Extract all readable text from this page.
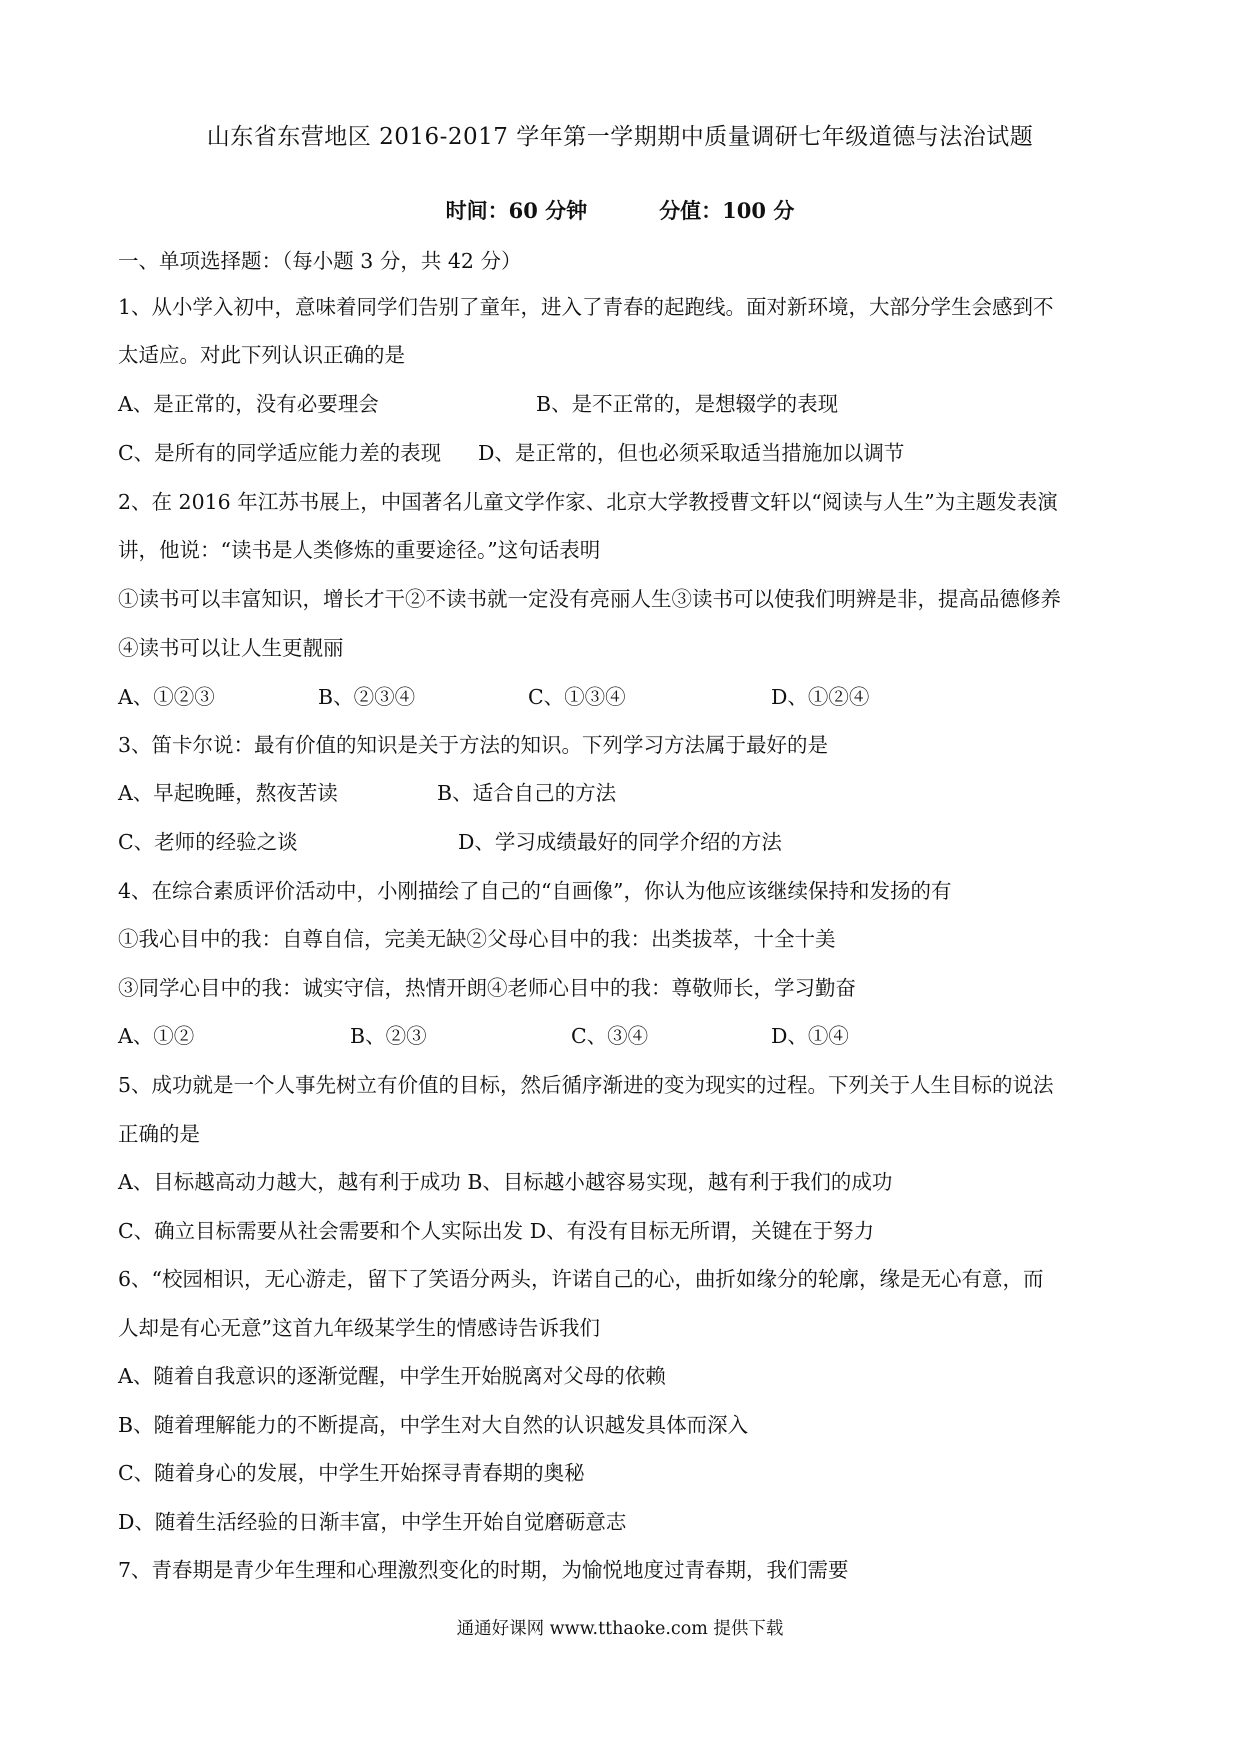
山东省东营地区 2016-2017 学年第一学期期中质量调研七年级道德与法治试题
时间：60 分钟	分值：100 分
一、单项选择题：（每小题 3 分，共 42 分）
1、从小学入初中，意味着同学们告别了童年，进入了青春的起跑线。面对新环境，大部分学生会感到不
太适应。对此下列认识正确的是
A、是正常的，没有必要理会	B、是不正常的，是想辍学的表现
C、是所有的同学适应能力差的表现 D、是正常的，但也必须采取适当措施加以调节
2、在 2016 年江苏书展上，中国著名儿童文学作家、北京大学教授曹文轩以“阅读与人生”为主题发表演
讲，他说：“读书是人类修炼的重要途径。”这句话表明
①读书可以丰富知识，增长才干②不读书就一定没有亮丽人生③读书可以使我们明辨是非，提高品德修养
④读书可以让人生更靓丽
A、①②③	B、②③④	C、①③④	D、①②④
3、笛卡尔说：最有价值的知识是关于方法的知识。下列学习方法属于最好的是
A、早起晚睡，熬夜苦读	B、适合自己的方法
C、老师的经验之谈	D、学习成绩最好的同学介绍的方法
4、在综合素质评价活动中，小刚描绘了自己的“自画像”，你认为他应该继续保持和发扬的有
①我心目中的我：自尊自信，完美无缺②父母心目中的我：出类拔萃，十全十美
③同学心目中的我：诚实守信，热情开朗④老师心目中的我：尊敬师长，学习勤奋
A、①②	B、②③	C、③④	D、①④
5、成功就是一个人事先树立有价值的目标，然后循序渐进的变为现实的过程。下列关于人生目标的说法
正确的是
A、目标越高动力越大，越有利于成功 B、目标越小越容易实现，越有利于我们的成功
C、确立目标需要从社会需要和个人实际出发 D、有没有目标无所谓，关键在于努力
6、“校园相识，无心游走，留下了笑语分两头，许诺自己的心，曲折如缘分的轮廓，缘是无心有意，而
人却是有心无意”这首九年级某学生的情感诗告诉我们
A、随着自我意识的逐渐觉醒，中学生开始脱离对父母的依赖
B、随着理解能力的不断提高，中学生对大自然的认识越发具体而深入
C、随着身心的发展，中学生开始探寻青春期的奥秘
D、随着生活经验的日渐丰富，中学生开始自觉磨砺意志
7、青春期是青少年生理和心理激烈变化的时期，为愉悦地度过青春期，我们需要
通通好课网 www.tthaoke.com 提供下载
